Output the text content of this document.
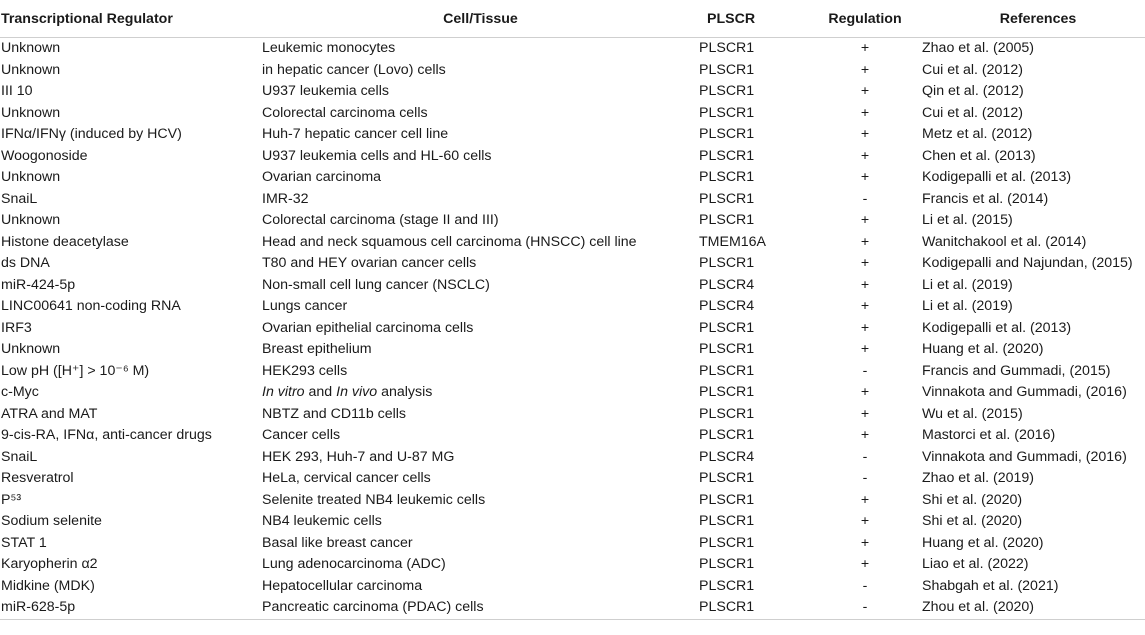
Transcriptional Regulator	Cell/Tissue	PLSCR	Regulation	References
Unknown	Leukemic monocytes	PLSCR1	+	Zhao et al. (2005)
Unknown	in hepatic cancer (Lovo) cells	PLSCR1	+	Cui et al. (2012)
III 10	U937 leukemia cells	PLSCR1	+	Qin et al. (2012)
Unknown	Colorectal carcinoma cells	PLSCR1	+	Cui et al. (2012)
IFNα/IFNγ (induced by HCV)	Huh-7 hepatic cancer cell line	PLSCR1	+	Metz et al. (2012)
Woogonoside	U937 leukemia cells and HL-60 cells	PLSCR1	+	Chen et al. (2013)
Unknown	Ovarian carcinoma	PLSCR1	+	Kodigepalli et al. (2013)
SnaiL	IMR-32	PLSCR1	-	Francis et al. (2014)
Unknown	Colorectal carcinoma (stage II and III)	PLSCR1	+	Li et al. (2015)
Histone deacetylase	Head and neck squamous cell carcinoma (HNSCC) cell line	TMEM16A	+	Wanitchakool et al. (2014)
ds DNA	T80 and HEY ovarian cancer cells	PLSCR1	+	Kodigepalli and Najundan, (2015)
miR-424-5p	Non-small cell lung cancer (NSCLC)	PLSCR4	+	Li et al. (2019)
LINC00641 non-coding RNA	Lungs cancer	PLSCR4	+	Li et al. (2019)
IRF3	Ovarian epithelial carcinoma cells	PLSCR1	+	Kodigepalli et al. (2013)
Unknown	Breast epithelium	PLSCR1	+	Huang et al. (2020)
Low pH ([H⁺] > 10⁻⁶ M)	HEK293 cells	PLSCR1	-	Francis and Gummadi, (2015)
c-Myc	In vitro and In vivo analysis	PLSCR1	+	Vinnakota and Gummadi, (2016)
ATRA and MAT	NBTZ and CD11b cells	PLSCR1	+	Wu et al. (2015)
9-cis-RA, IFNα, anti-cancer drugs	Cancer cells	PLSCR1	+	Mastorci et al. (2016)
SnaiL	HEK 293, Huh-7 and U-87 MG	PLSCR4	-	Vinnakota and Gummadi, (2016)
Resveratrol	HeLa, cervical cancer cells	PLSCR1	-	Zhao et al. (2019)
P⁵³	Selenite treated NB4 leukemic cells	PLSCR1	+	Shi et al. (2020)
Sodium selenite	NB4 leukemic cells	PLSCR1	+	Shi et al. (2020)
STAT 1	Basal like breast cancer	PLSCR1	+	Huang et al. (2020)
Karyopherin α2	Lung adenocarcinoma (ADC)	PLSCR1	+	Liao et al. (2022)
Midkine (MDK)	Hepatocellular carcinoma	PLSCR1	-	Shabgah et al. (2021)
miR-628-5p	Pancreatic carcinoma (PDAC) cells	PLSCR1	-	Zhou et al. (2020)
